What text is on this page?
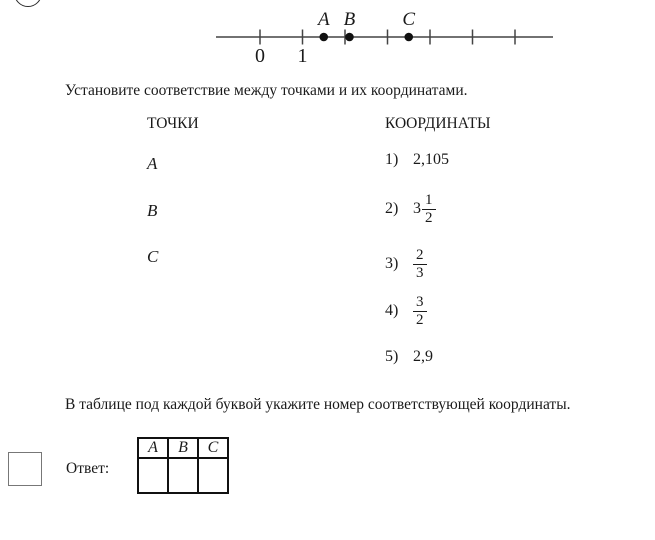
0 1
A B C
Установите соответствие между точками и их координатами.
ТОЧКИ	КООРДИНАТЫ
A
B
C
1) 2,105
2) $3 \frac{1}{2}$
$3) \frac{2}{3}$
$4) \frac{3}{2}$
5) 2,9
В таблице под каждой буквой укажите номер соответствующей координаты.
Ответ:
A	B	C
